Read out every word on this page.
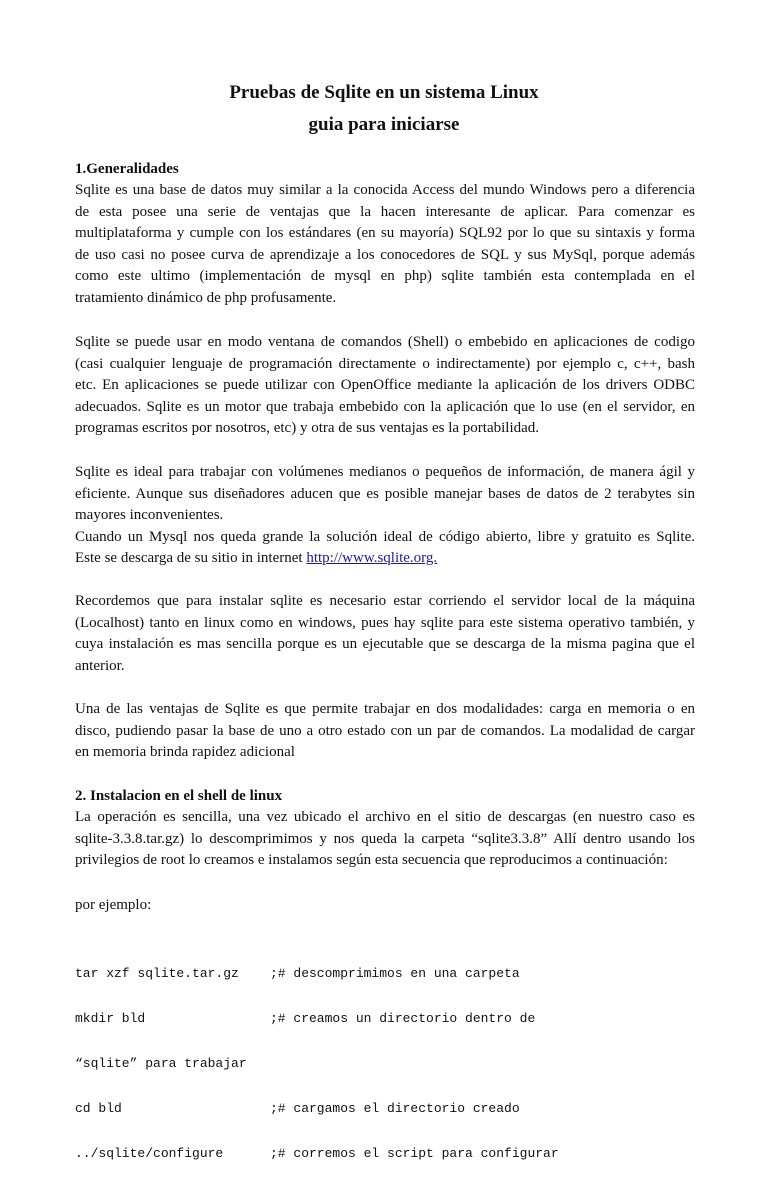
Pruebas de Sqlite en un sistema Linux
guia para iniciarse
1.Generalidades
Sqlite es una base de datos muy similar a la conocida Access del mundo Windows pero a diferencia
de esta posee una serie de ventajas que la hacen interesante de aplicar. Para comenzar es
multiplataforma y cumple con los estándares (en su mayoría) SQL92 por lo que su sintaxis y forma
de uso casi no posee curva de aprendizaje a los conocedores de SQL y sus MySql, porque además
como este ultimo (implementación de mysql en php) sqlite también esta contemplada en el
tratamiento dinámico de php profusamente.
Sqlite se puede usar en modo ventana de comandos (Shell) o embebido en aplicaciones de codigo
(casi cualquier lenguaje de programación directamente o indirectamente) por ejemplo c, c++, bash
etc. En aplicaciones se puede utilizar con OpenOffice mediante la aplicación de los drivers ODBC
adecuados. Sqlite es un motor que trabaja embebido con la aplicación que lo use (en el servidor, en
programas escritos por nosotros, etc) y otra de sus ventajas es la portabilidad.
Sqlite es ideal para trabajar con volúmenes medianos o pequeños de información, de manera ágil y
eficiente. Aunque sus diseñadores aducen que es posible manejar bases de datos de 2 terabytes sin
mayores inconvenientes.
Cuando un Mysql nos queda grande la solución ideal de código abierto, libre y gratuito es Sqlite.
Este se descarga de su sitio in internet http://www.sqlite.org.
Recordemos que para instalar sqlite es necesario estar corriendo el servidor local de la máquina
(Localhost) tanto en linux como en windows, pues hay sqlite para este sistema operativo también, y
cuya instalación es mas sencilla porque es un ejecutable que se descarga de la misma pagina que el
anterior.
Una de las ventajas de Sqlite es que permite trabajar en dos modalidades: carga en memoria o en
disco, pudiendo pasar la base de uno a otro estado con un par de comandos. La modalidad de cargar
en memoria brinda rapidez adicional
2. Instalacion en el shell de linux
La operación es sencilla, una vez ubicado el archivo en el sitio de descargas (en nuestro caso es
sqlite-3.3.8.tar.gz) lo descomprimimos y nos queda la carpeta “sqlite3.3.8” Allí dentro usando los
privilegios de root lo creamos e instalamos según esta secuencia que reproducimos a continuación:
por ejemplo:

tar xzf sqlite.tar.gz ;# descomprimimos en una carpeta

mkdir bld	;# creamos un directorio dentro de

“sqlite” para trabajar

cd bld	;# cargamos el directorio creado

../sqlite/configure	;# corremos el script para configurar
